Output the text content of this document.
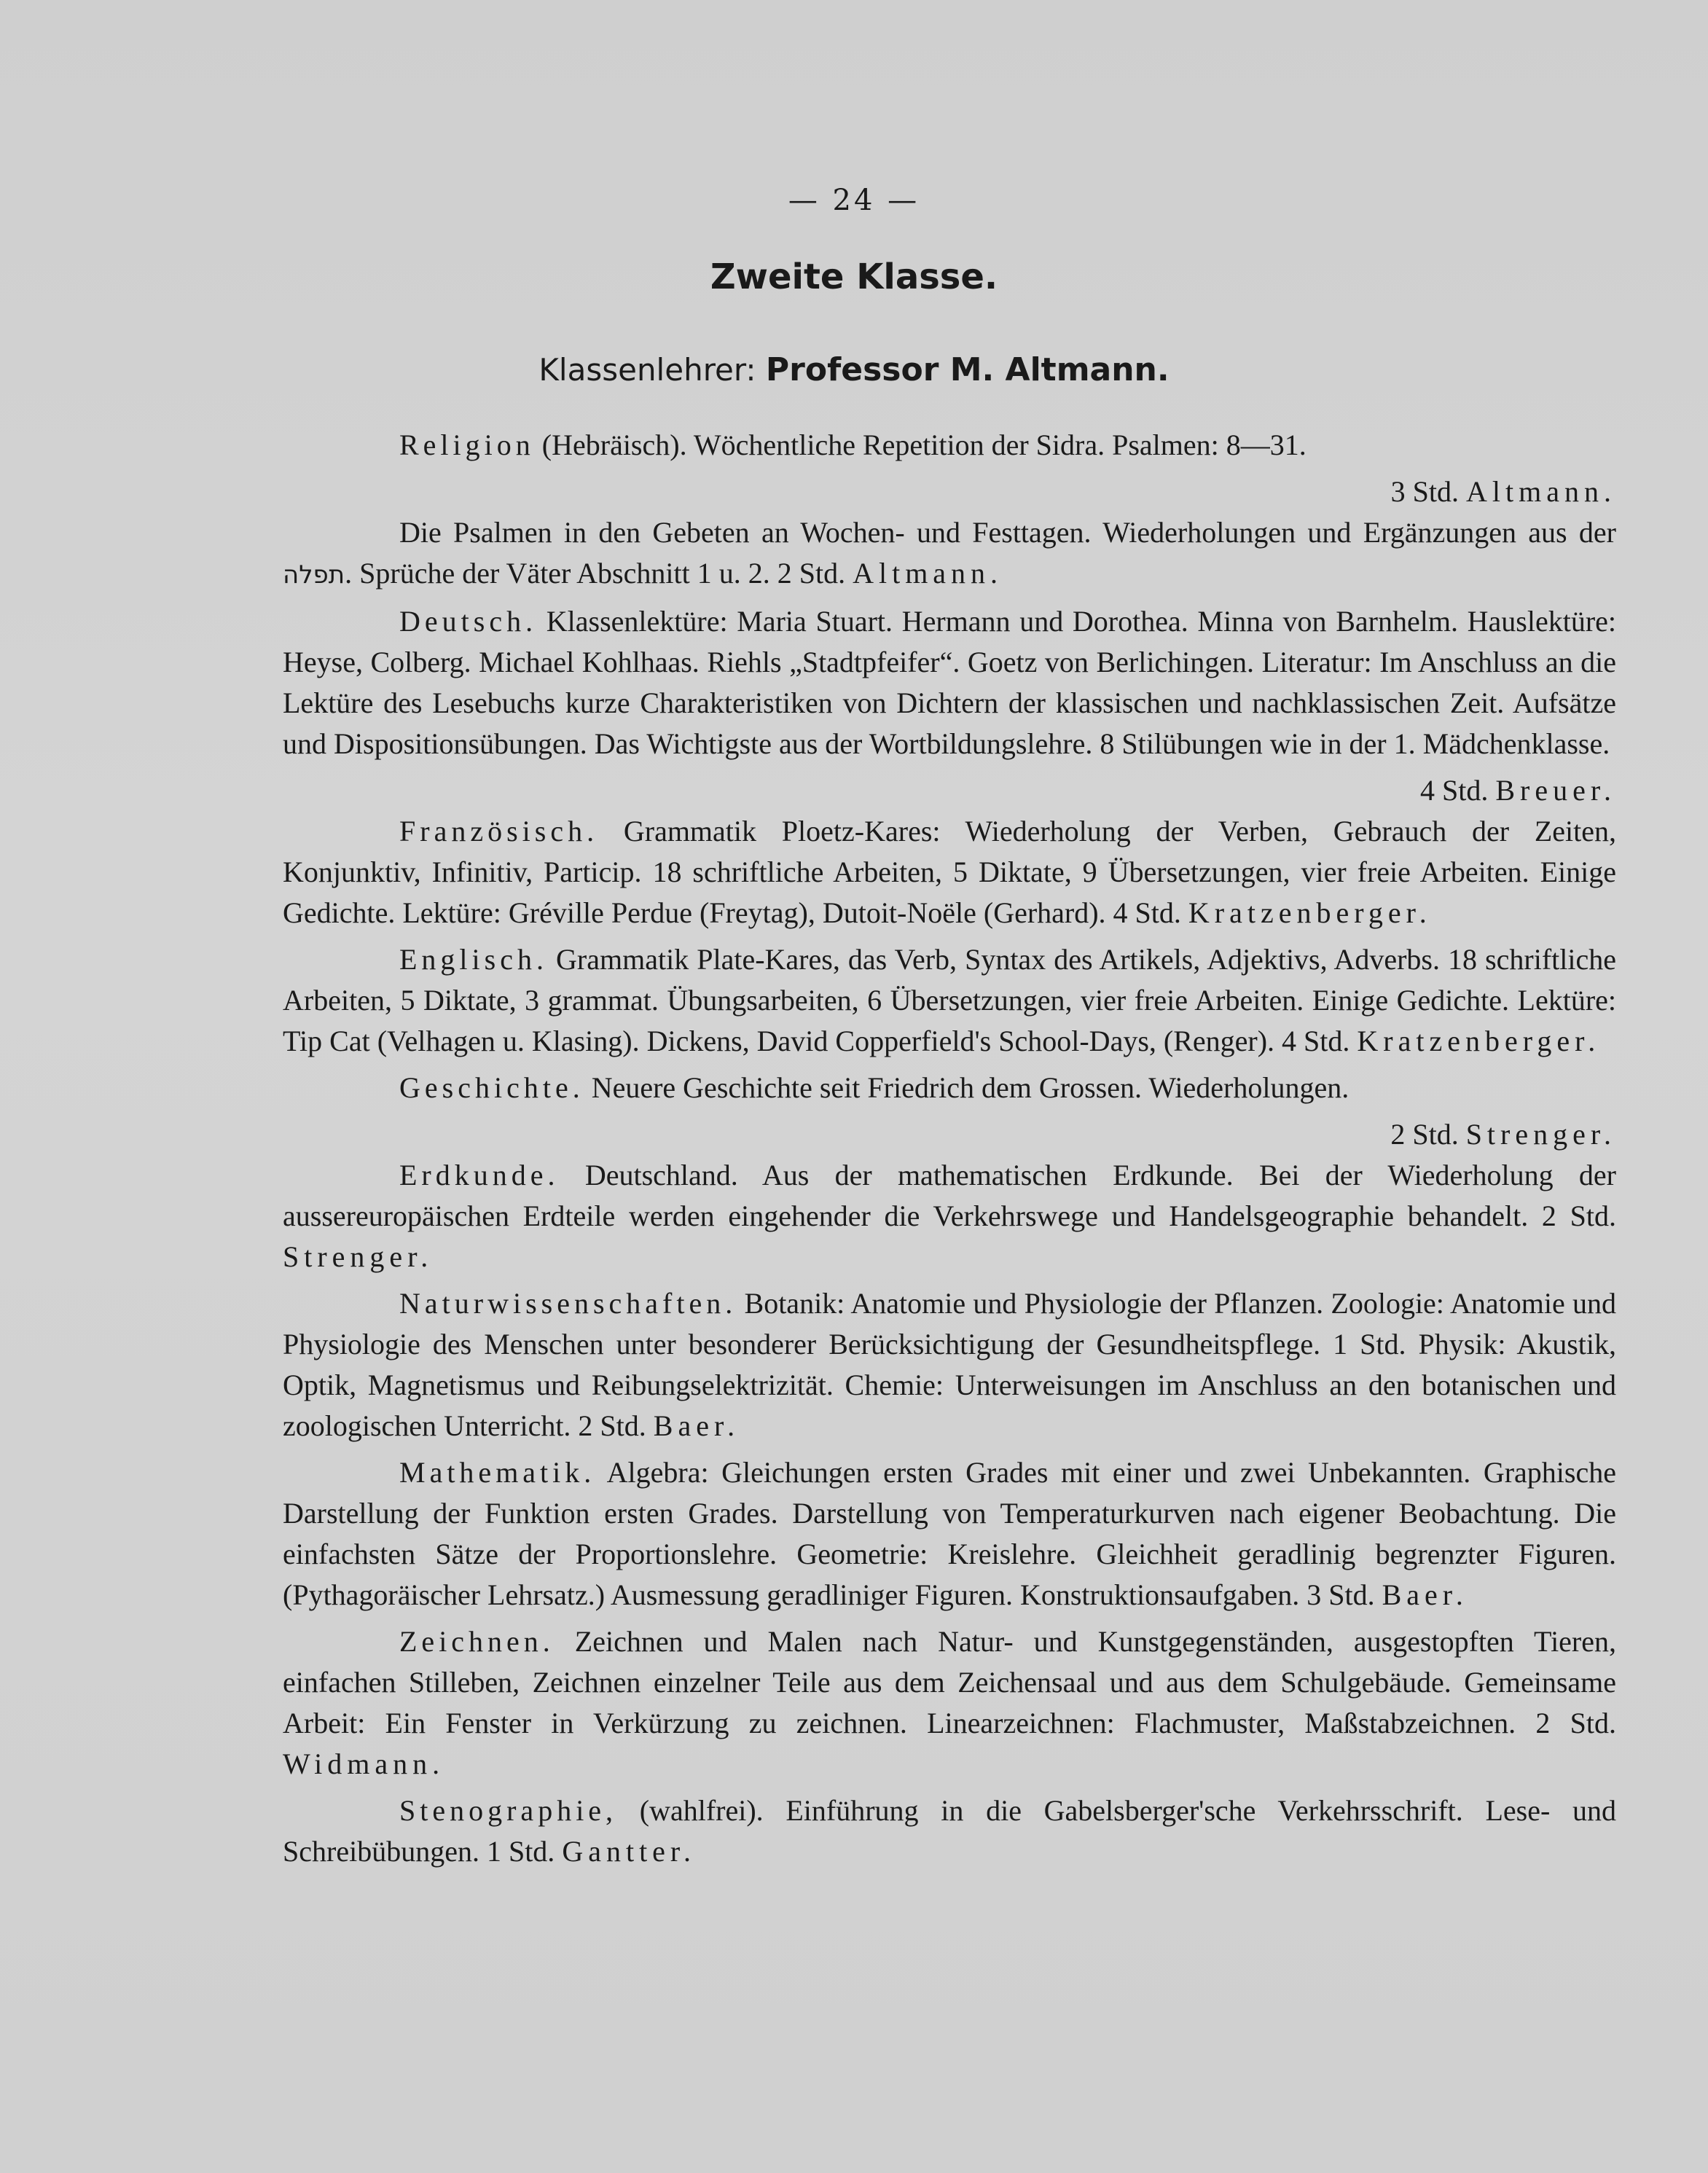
— 24 —
Zweite Klasse.
Klassenlehrer: Professor M. Altmann.

Religion (Hebräisch). Wöchentliche Repetition der Sidra. Psalmen: 8—31.

3 Std. Altmann.

Die Psalmen in den Gebeten an Wochen- und Festtagen. Wiederholungen und Ergänzungen aus der תפלה. Sprüche der Väter Abschnitt 1 u. 2. 2 Std. Altmann.

Deutsch. Klassenlektüre: Maria Stuart. Hermann und Dorothea. Minna von Barnhelm. Hauslektüre: Heyse, Colberg. Michael Kohlhaas. Riehls „Stadtpfeifer“. Goetz von Berlichingen. Literatur: Im Anschluss an die Lektüre des Lesebuchs kurze Charakteristiken von Dichtern der klassischen und nachklassischen Zeit. Aufsätze und Dispositionsübungen. Das Wichtigste aus der Wortbildungslehre. 8 Stilübungen wie in der 1. Mädchenklasse.

4 Std. Breuer.

Französisch. Grammatik Ploetz-Kares: Wiederholung der Verben, Gebrauch der Zeiten, Konjunktiv, Infinitiv, Particip. 18 schriftliche Arbeiten, 5 Diktate, 9 Übersetzungen, vier freie Arbeiten. Einige Gedichte. Lektüre: Gréville Perdue (Freytag), Dutoit-Noële (Gerhard). 4 Std. Kratzenberger.

Englisch. Grammatik Plate-Kares, das Verb, Syntax des Artikels, Adjektivs, Adverbs. 18 schriftliche Arbeiten, 5 Diktate, 3 grammat. Übungsarbeiten, 6 Übersetzungen, vier freie Arbeiten. Einige Gedichte. Lektüre: Tip Cat (Velhagen u. Klasing). Dickens, David Copperfield's School-Days, (Renger). 4 Std. Kratzenberger.

Geschichte. Neuere Geschichte seit Friedrich dem Grossen. Wiederholungen.

2 Std. Strenger.

Erdkunde. Deutschland. Aus der mathematischen Erdkunde. Bei der Wiederholung der aussereuropäischen Erdteile werden eingehender die Verkehrswege und Handelsgeographie behandelt. 2 Std. Strenger.

Naturwissenschaften. Botanik: Anatomie und Physiologie der Pflanzen. Zoologie: Anatomie und Physiologie des Menschen unter besonderer Berücksichtigung der Gesundheitspflege. 1 Std. Physik: Akustik, Optik, Magnetismus und Reibungselektrizität. Chemie: Unterweisungen im Anschluss an den botanischen und zoologischen Unterricht. 2 Std. Baer.

Mathematik. Algebra: Gleichungen ersten Grades mit einer und zwei Unbekannten. Graphische Darstellung der Funktion ersten Grades. Darstellung von Temperaturkurven nach eigener Beobachtung. Die einfachsten Sätze der Proportionslehre. Geometrie: Kreislehre. Gleichheit geradlinig begrenzter Figuren. (Pythagoräischer Lehrsatz.) Ausmessung geradliniger Figuren. Konstruktionsaufgaben. 3 Std. Baer.

Zeichnen. Zeichnen und Malen nach Natur- und Kunstgegenständen, ausgestopften Tieren, einfachen Stilleben, Zeichnen einzelner Teile aus dem Zeichensaal und aus dem Schulgebäude. Gemeinsame Arbeit: Ein Fenster in Verkürzung zu zeichnen. Linearzeichnen: Flachmuster, Maßstabzeichnen. 2 Std. Widmann.

Stenographie, (wahlfrei). Einführung in die Gabelsberger'sche Verkehrsschrift. Lese- und Schreibübungen. 1 Std. Gantter.
